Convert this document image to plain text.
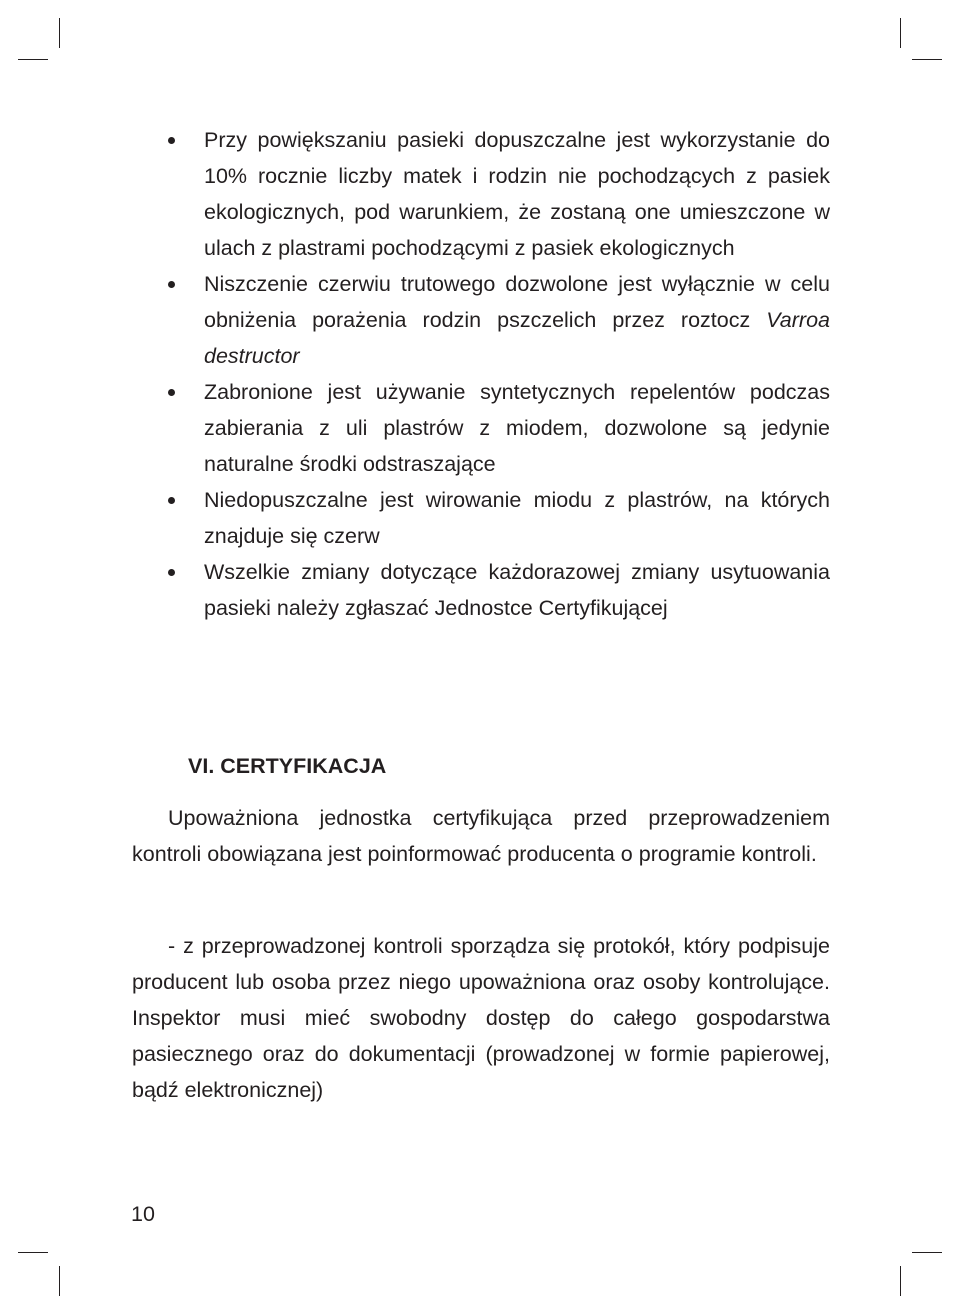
Przy powiększaniu pasieki dopuszczalne jest wykorzystanie do 10% rocznie liczby matek i rodzin nie pochodzących z pasiek ekologicznych, pod warunkiem, że zostaną one umieszczone w ulach z plastrami pochodzącymi z pasiek ekologicznych
Niszczenie czerwiu trutowego dozwolone jest wyłącznie w celu obniżenia porażenia rodzin pszczelich przez roztocz Varroa destructor
Zabronione jest używanie syntetycznych repelentów podczas zabierania z uli plastrów z miodem, dozwolone są jedynie naturalne środki odstraszające
Niedopuszczalne jest wirowanie miodu z plastrów, na których znajduje się czerw
Wszelkie zmiany dotyczące każdorazowej zmiany usytuowania pasieki należy zgłaszać Jednostce Certyfikującej
VI. CERTYFIKACJA

Upoważniona jednostka certyfikująca przed przeprowadzeniem kontroli obowiązana jest poinformować producenta o programie kontroli.

- z przeprowadzonej kontroli sporządza się protokół, który podpisuje producent lub osoba przez niego upoważniona oraz osoby kontrolujące. Inspektor musi mieć swobodny dostęp do całego gospodarstwa pasiecznego oraz do dokumentacji (prowadzonej w formie papierowej, bądź elektronicznej)

10
